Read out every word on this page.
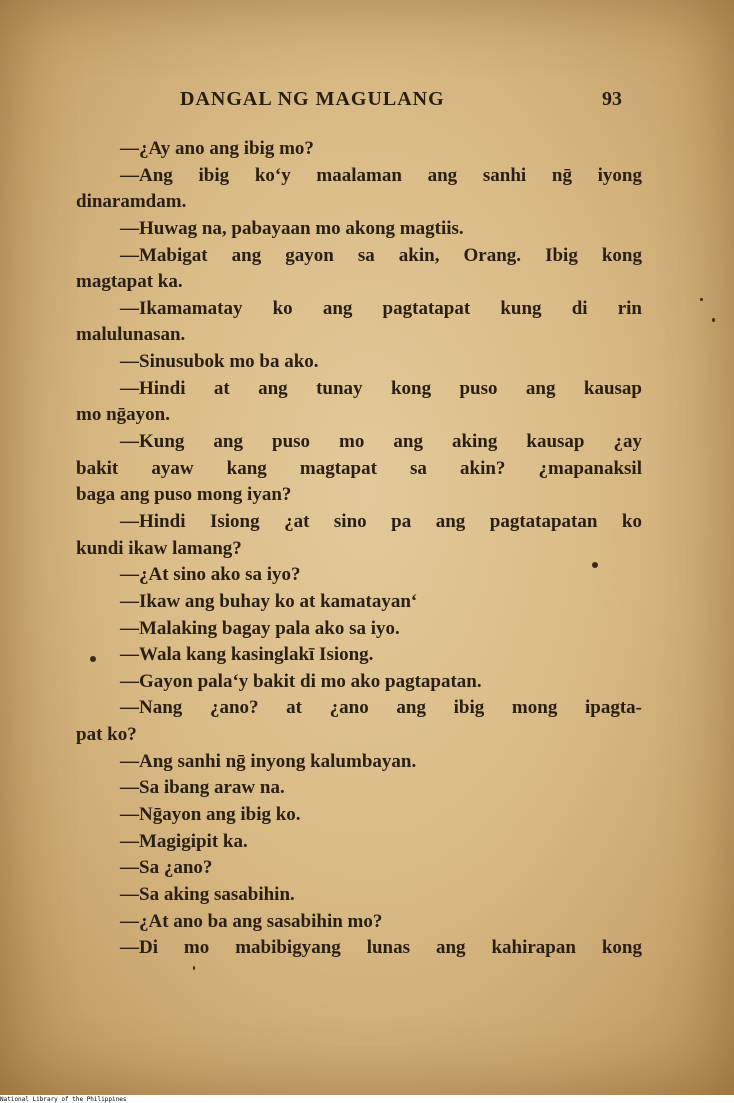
DANGAL NG MAGULANG	93
—¿Ay ano ang ibig mo?
—Ang ibig ko‘y maalaman ang sanhi nḡ iyong
dinaramdam.
—Huwag na, pabayaan mo akong magtiis.
—Mabigat ang gayon sa akin, Orang. Ibig kong
magtapat ka.
—Ikamamatay ko ang pagtatapat kung di rin
malulunasan.
—Sinusubok mo ba ako.
—Hindi at ang tunay kong puso ang kausap
mo nḡayon.
—Kung ang puso mo ang aking kausap ¿ay
bakit ayaw kang magtapat sa akin? ¿mapanaksil
baga ang puso mong iyan?
—Hindi Isiong ¿at sino pa ang pagtatapatan ko
kundi ikaw lamang?
—¿At sino ako sa iyo?
—Ikaw ang buhay ko at kamatayan‘
—Malaking bagay pala ako sa iyo.
—Wala kang kasinglakī Isiong.
—Gayon pala‘y bakit di mo ako pagtapatan.
—Nang ¿ano? at ¿ano ang ibig mong ipagta-
pat ko?
—Ang sanhi nḡ inyong kalumbayan.
—Sa ibang araw na.
—Nḡayon ang ibig ko.
—Magigipit ka.
—Sa ¿ano?
—Sa aking sasabihin.
—¿At ano ba ang sasabihin mo?
—Di mo mabibigyang lunas ang kahirapan kong
National Library of the Philippines
